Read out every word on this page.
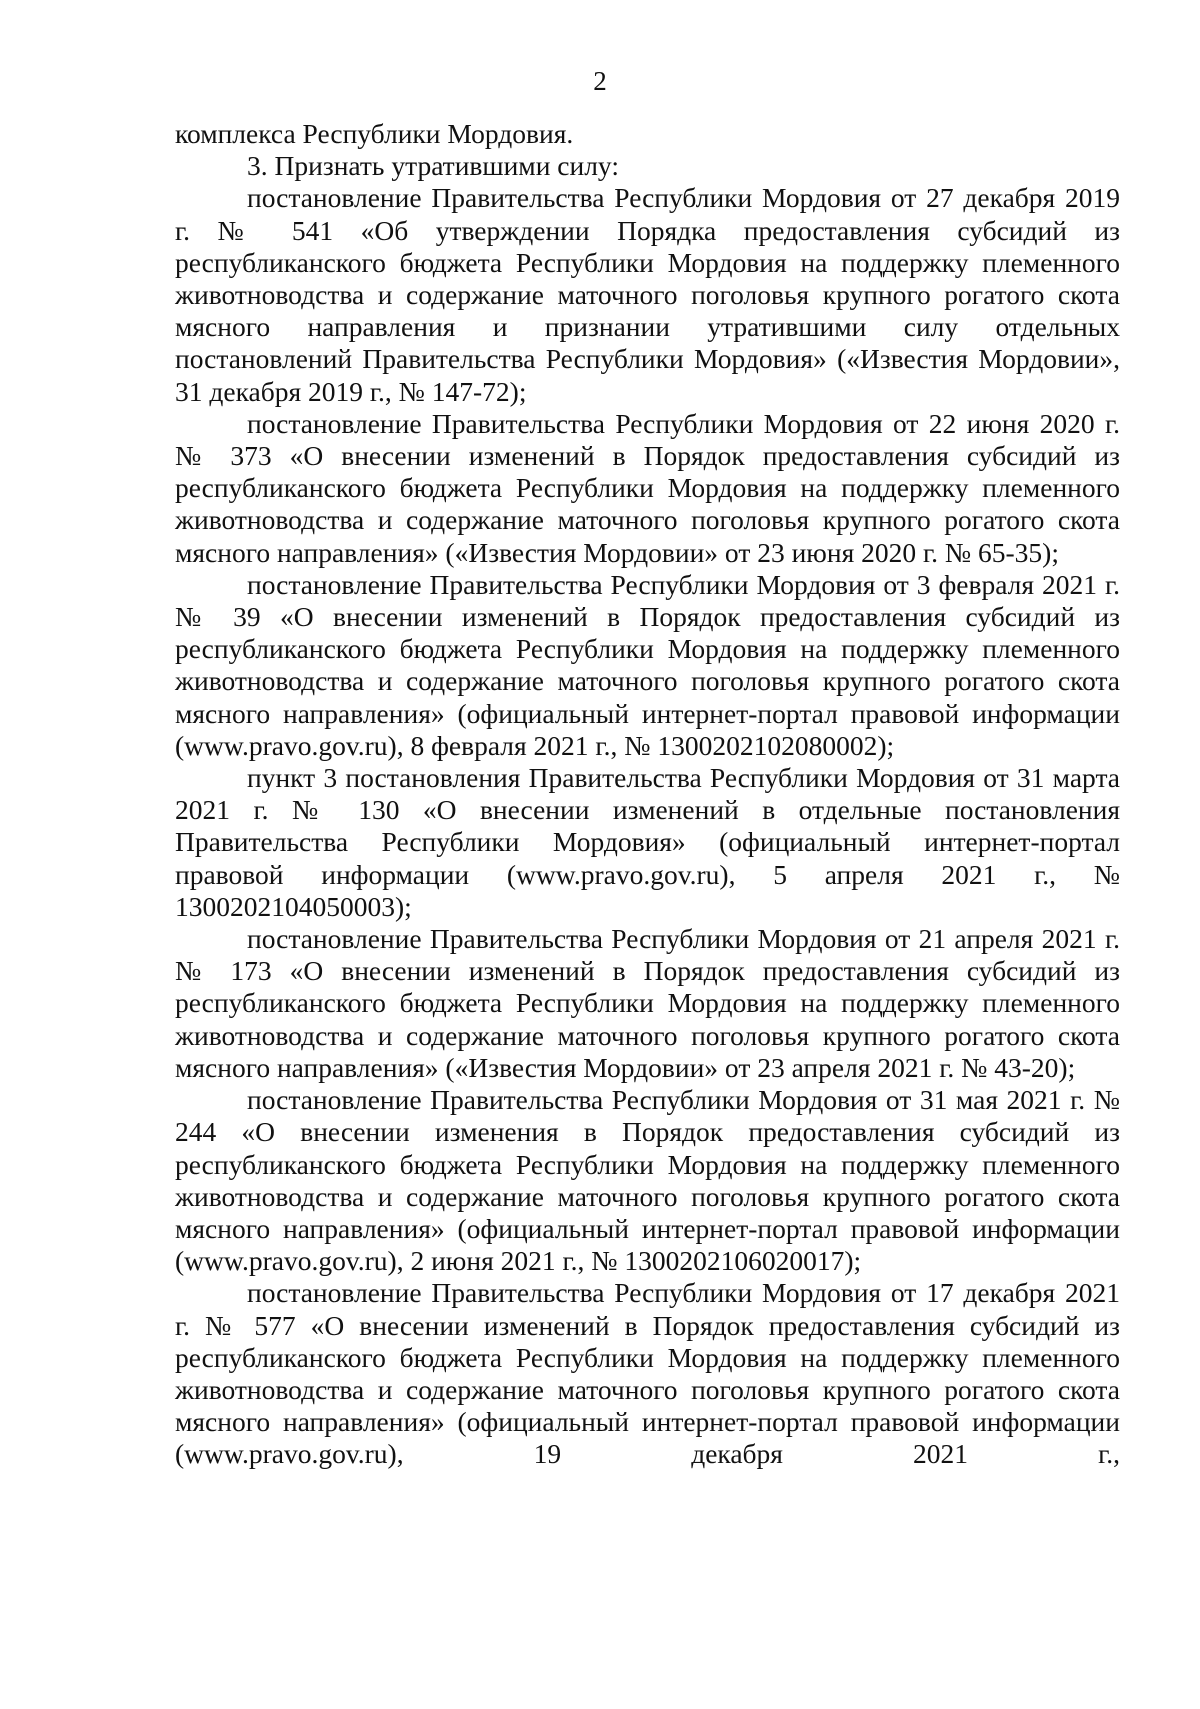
2

комплекса Республики Мордовия.

3. Признать утратившими силу:

постановление Правительства Республики Мордовия от 27 декабря 2019 г. № 541 «Об утверждении Порядка предоставления субсидий из республиканского бюджета Республики Мордовия на поддержку племенного животноводства и содержание маточного поголовья крупного рогатого скота мясного направления и признании утратившими силу отдельных постановлений Правительства Республики Мордовия» («Известия Мордовии», 31 декабря 2019 г., № 147-72);

постановление Правительства Республики Мордовия от 22 июня 2020 г. № 373 «О внесении изменений в Порядок предоставления субсидий из республиканского бюджета Республики Мордовия на поддержку племенного животноводства и содержание маточного поголовья крупного рогатого скота мясного направления» («Известия Мордовии» от 23 июня 2020 г. № 65-35);

постановление Правительства Республики Мордовия от 3 февраля 2021 г. № 39 «О внесении изменений в Порядок предоставления субсидий из республиканского бюджета Республики Мордовия на поддержку племенного животноводства и содержание маточного поголовья крупного рогатого скота мясного направления» (официальный интернет-портал правовой информации (www.pravo.gov.ru), 8 февраля 2021 г., № 1300202102080002);

пункт 3 постановления Правительства Республики Мордовия от 31 марта 2021 г. № 130 «О внесении изменений в отдельные постановления Правительства Республики Мордовия» (официальный интернет-портал правовой информации (www.pravo.gov.ru), 5 апреля 2021 г., № 1300202104050003);

постановление Правительства Республики Мордовия от 21 апреля 2021 г. № 173 «О внесении изменений в Порядок предоставления субсидий из республиканского бюджета Республики Мордовия на поддержку племенного животноводства и содержание маточного поголовья крупного рогатого скота мясного направления» («Известия Мордовии» от 23 апреля 2021 г. № 43-20);

постановление Правительства Республики Мордовия от 31 мая 2021 г. № 244 «О внесении изменения в Порядок предоставления субсидий из республиканского бюджета Республики Мордовия на поддержку племенного животноводства и содержание маточного поголовья крупного рогатого скота мясного направления» (официальный интернет-портал правовой информации (www.pravo.gov.ru), 2 июня 2021 г., № 1300202106020017);

постановление Правительства Республики Мордовия от 17 декабря 2021 г. № 577 «О внесении изменений в Порядок предоставления субсидий из республиканского бюджета Республики Мордовия на поддержку племенного животноводства и содержание маточного поголовья крупного рогатого скота мясного направления» (официальный интернет-портал правовой информации (www.pravo.gov.ru), 19 декабря 2021 г.,
